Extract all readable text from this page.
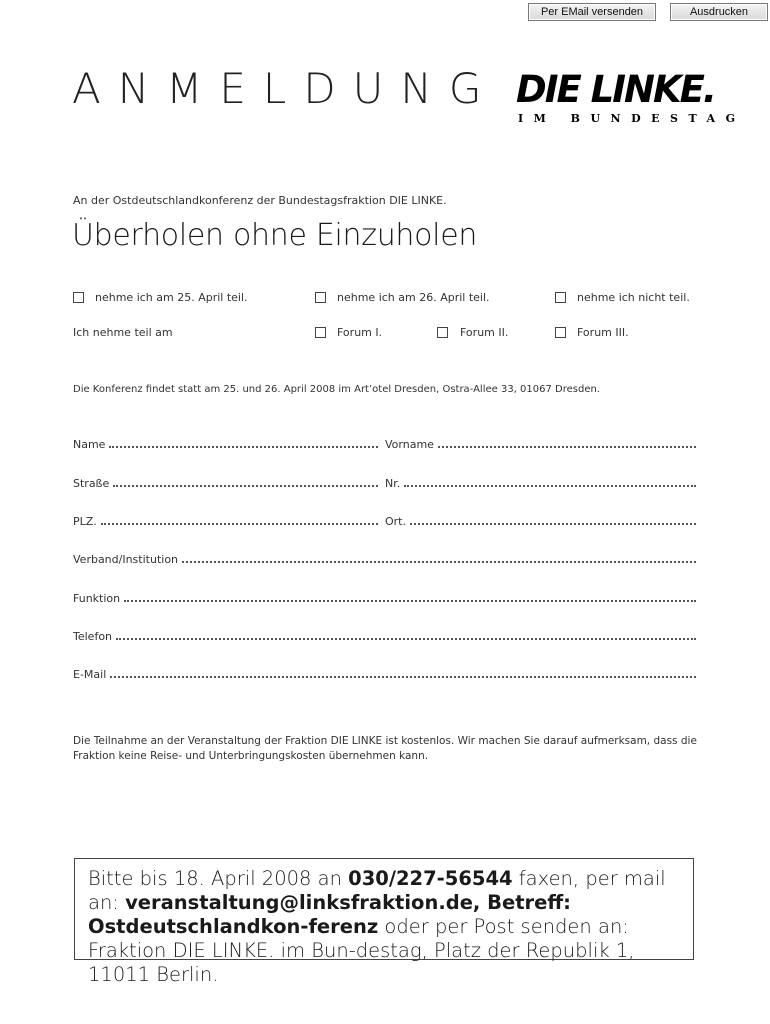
Per EMail versenden	Ausdrucken
ANMELDUNG DIE LINKE.
IM BUNDESTAG
An der Ostdeutschlandkonferenz der Bundestagsfraktion DIE LINKE.
Überholen ohne Einzuholen
nehme ich am 25. April teil.	nehme ich am 26. April teil.	nehme ich nicht teil.
Ich nehme teil am	Forum I.	Forum II.	Forum III.
Die Konferenz findet statt am 25. und 26. April 2008 im Art’otel Dresden, Ostra-Allee 33, 01067 Dresden.
Name	Vorname
Straße	Nr.
PLZ.	Ort.
Verband/Institution
Funktion
Telefon
E-Mail
Die Teilnahme an der Veranstaltung der Fraktion DIE LINKE ist kostenlos. Wir machen Sie darauf aufmerksam, dass die Fraktion keine Reise- und Unterbringungskosten übernehmen kann.
Bitte bis 18. April 2008 an 030/227-56544 faxen, per mail an: veranstaltung@linksfraktion.de, Betreff: Ostdeutschlandkon-ferenz oder per Post senden an: Fraktion DIE LINKE. im Bun-destag, Platz der Republik 1, 11011 Berlin.
